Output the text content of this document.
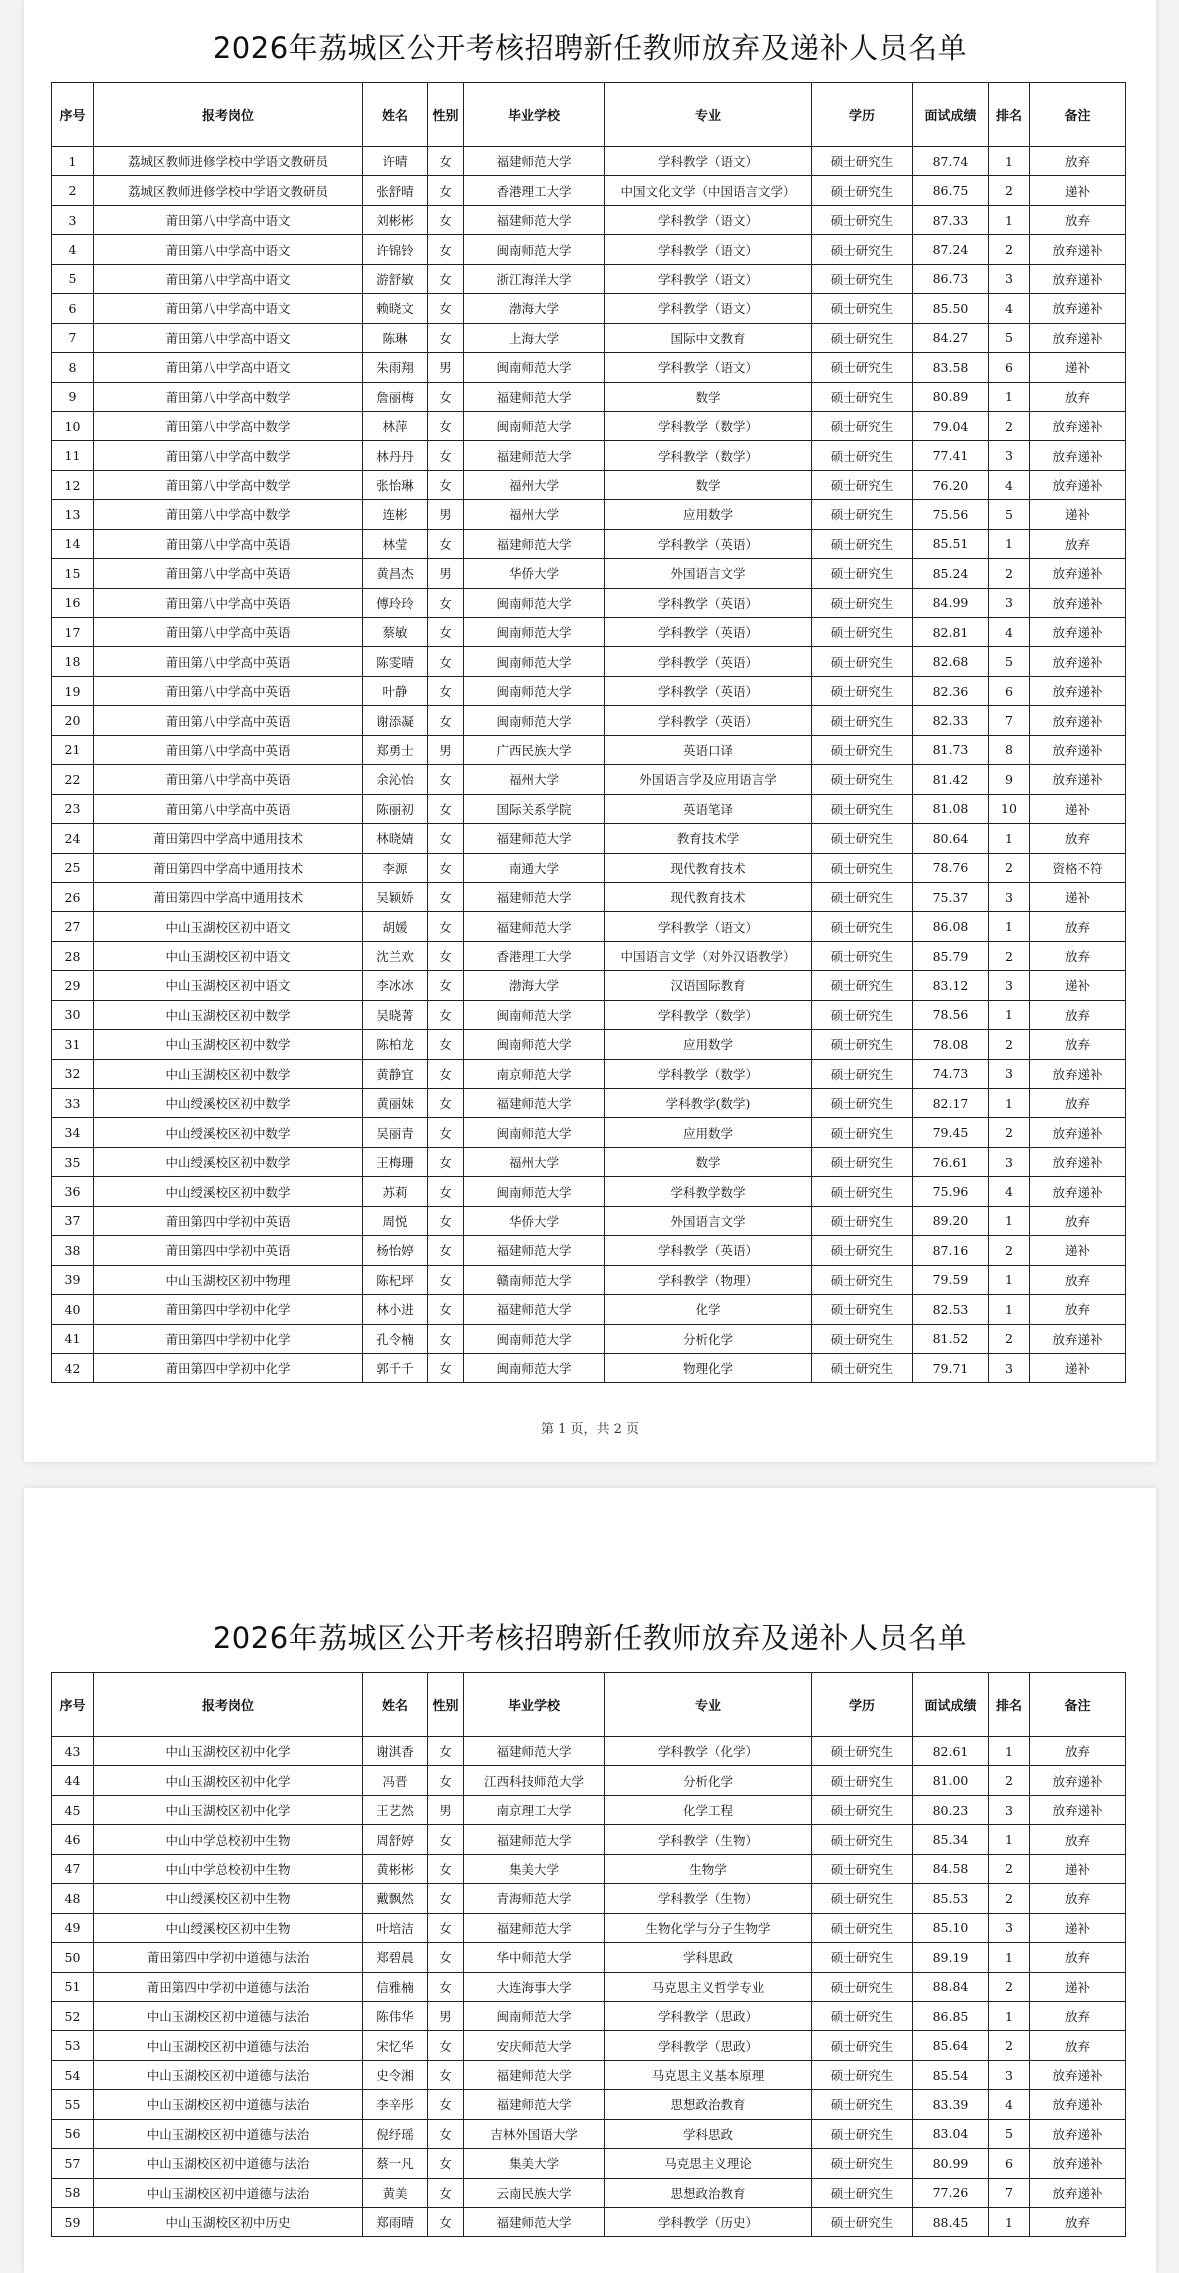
2026年荔城区公开考核招聘新任教师放弃及递补人员名单
序号	报考岗位	姓名	性别	毕业学校	专业	学历	面试成绩	排名	备注
1	荔城区教师进修学校中学语文教研员	许晴	女	福建师范大学	学科教学（语文）	硕士研究生	87.74	1	放弃
2	荔城区教师进修学校中学语文教研员	张舒晴	女	香港理工大学	中国文化文学（中国语言文学）	硕士研究生	86.75	2	递补
3	莆田第八中学高中语文	刘彬彬	女	福建师范大学	学科教学（语文）	硕士研究生	87.33	1	放弃
4	莆田第八中学高中语文	许锦铃	女	闽南师范大学	学科教学（语文）	硕士研究生	87.24	2	放弃递补
5	莆田第八中学高中语文	游舒敏	女	浙江海洋大学	学科教学（语文）	硕士研究生	86.73	3	放弃递补
6	莆田第八中学高中语文	赖晓文	女	渤海大学	学科教学（语文）	硕士研究生	85.50	4	放弃递补
7	莆田第八中学高中语文	陈琳	女	上海大学	国际中文教育	硕士研究生	84.27	5	放弃递补
8	莆田第八中学高中语文	朱雨翔	男	闽南师范大学	学科教学（语文）	硕士研究生	83.58	6	递补
9	莆田第八中学高中数学	詹丽梅	女	福建师范大学	数学	硕士研究生	80.89	1	放弃
10	莆田第八中学高中数学	林萍	女	闽南师范大学	学科教学（数学）	硕士研究生	79.04	2	放弃递补
11	莆田第八中学高中数学	林丹丹	女	福建师范大学	学科教学（数学）	硕士研究生	77.41	3	放弃递补
12	莆田第八中学高中数学	张怡琳	女	福州大学	数学	硕士研究生	76.20	4	放弃递补
13	莆田第八中学高中数学	连彬	男	福州大学	应用数学	硕士研究生	75.56	5	递补
14	莆田第八中学高中英语	林莹	女	福建师范大学	学科教学（英语）	硕士研究生	85.51	1	放弃
15	莆田第八中学高中英语	黄昌杰	男	华侨大学	外国语言文学	硕士研究生	85.24	2	放弃递补
16	莆田第八中学高中英语	傅玲玲	女	闽南师范大学	学科教学（英语）	硕士研究生	84.99	3	放弃递补
17	莆田第八中学高中英语	蔡敏	女	闽南师范大学	学科教学（英语）	硕士研究生	82.81	4	放弃递补
18	莆田第八中学高中英语	陈雯晴	女	闽南师范大学	学科教学（英语）	硕士研究生	82.68	5	放弃递补
19	莆田第八中学高中英语	叶静	女	闽南师范大学	学科教学（英语）	硕士研究生	82.36	6	放弃递补
20	莆田第八中学高中英语	谢添凝	女	闽南师范大学	学科教学（英语）	硕士研究生	82.33	7	放弃递补
21	莆田第八中学高中英语	郑勇士	男	广西民族大学	英语口译	硕士研究生	81.73	8	放弃递补
22	莆田第八中学高中英语	余沁怡	女	福州大学	外国语言学及应用语言学	硕士研究生	81.42	9	放弃递补
23	莆田第八中学高中英语	陈丽初	女	国际关系学院	英语笔译	硕士研究生	81.08	10	递补
24	莆田第四中学高中通用技术	林晓婧	女	福建师范大学	教育技术学	硕士研究生	80.64	1	放弃
25	莆田第四中学高中通用技术	李源	女	南通大学	现代教育技术	硕士研究生	78.76	2	资格不符
26	莆田第四中学高中通用技术	吴颖娇	女	福建师范大学	现代教育技术	硕士研究生	75.37	3	递补
27	中山玉湖校区初中语文	胡媛	女	福建师范大学	学科教学（语文）	硕士研究生	86.08	1	放弃
28	中山玉湖校区初中语文	沈兰欢	女	香港理工大学	中国语言文学（对外汉语教学）	硕士研究生	85.79	2	放弃
29	中山玉湖校区初中语文	李冰冰	女	渤海大学	汉语国际教育	硕士研究生	83.12	3	递补
30	中山玉湖校区初中数学	吴晓菁	女	闽南师范大学	学科教学（数学）	硕士研究生	78.56	1	放弃
31	中山玉湖校区初中数学	陈柏龙	女	闽南师范大学	应用数学	硕士研究生	78.08	2	放弃
32	中山玉湖校区初中数学	黄静宜	女	南京师范大学	学科教学（数学）	硕士研究生	74.73	3	放弃递补
33	中山绶溪校区初中数学	黄丽妹	女	福建师范大学	学科教学(数学)	硕士研究生	82.17	1	放弃
34	中山绶溪校区初中数学	吴丽青	女	闽南师范大学	应用数学	硕士研究生	79.45	2	放弃递补
35	中山绶溪校区初中数学	王梅珊	女	福州大学	数学	硕士研究生	76.61	3	放弃递补
36	中山绶溪校区初中数学	苏莉	女	闽南师范大学	学科教学数学	硕士研究生	75.96	4	放弃递补
37	莆田第四中学初中英语	周悦	女	华侨大学	外国语言文学	硕士研究生	89.20	1	放弃
38	莆田第四中学初中英语	杨怡婷	女	福建师范大学	学科教学（英语）	硕士研究生	87.16	2	递补
39	中山玉湖校区初中物理	陈杞坪	女	赣南师范大学	学科教学（物理）	硕士研究生	79.59	1	放弃
40	莆田第四中学初中化学	林小进	女	福建师范大学	化学	硕士研究生	82.53	1	放弃
41	莆田第四中学初中化学	孔令楠	女	闽南师范大学	分析化学	硕士研究生	81.52	2	放弃递补
42	莆田第四中学初中化学	郭千千	女	闽南师范大学	物理化学	硕士研究生	79.71	3	递补
第 1 页，共 2 页
2026年荔城区公开考核招聘新任教师放弃及递补人员名单
序号	报考岗位	姓名	性别	毕业学校	专业	学历	面试成绩	排名	备注
43	中山玉湖校区初中化学	谢淇香	女	福建师范大学	学科教学（化学）	硕士研究生	82.61	1	放弃
44	中山玉湖校区初中化学	冯晋	女	江西科技师范大学	分析化学	硕士研究生	81.00	2	放弃递补
45	中山玉湖校区初中化学	王艺然	男	南京理工大学	化学工程	硕士研究生	80.23	3	放弃递补
46	中山中学总校初中生物	周舒婷	女	福建师范大学	学科教学（生物）	硕士研究生	85.34	1	放弃
47	中山中学总校初中生物	黄彬彬	女	集美大学	生物学	硕士研究生	84.58	2	递补
48	中山绶溪校区初中生物	戴飘然	女	青海师范大学	学科教学（生物）	硕士研究生	85.53	2	放弃
49	中山绶溪校区初中生物	叶培洁	女	福建师范大学	生物化学与分子生物学	硕士研究生	85.10	3	递补
50	莆田第四中学初中道德与法治	郑碧晨	女	华中师范大学	学科思政	硕士研究生	89.19	1	放弃
51	莆田第四中学初中道德与法治	信雅楠	女	大连海事大学	马克思主义哲学专业	硕士研究生	88.84	2	递补
52	中山玉湖校区初中道德与法治	陈伟华	男	闽南师范大学	学科教学（思政）	硕士研究生	86.85	1	放弃
53	中山玉湖校区初中道德与法治	宋忆华	女	安庆师范大学	学科教学（思政）	硕士研究生	85.64	2	放弃
54	中山玉湖校区初中道德与法治	史令湘	女	福建师范大学	马克思主义基本原理	硕士研究生	85.54	3	放弃递补
55	中山玉湖校区初中道德与法治	李辛彤	女	福建师范大学	思想政治教育	硕士研究生	83.39	4	放弃递补
56	中山玉湖校区初中道德与法治	倪纾瑶	女	吉林外国语大学	学科思政	硕士研究生	83.04	5	放弃递补
57	中山玉湖校区初中道德与法治	蔡一凡	女	集美大学	马克思主义理论	硕士研究生	80.99	6	放弃递补
58	中山玉湖校区初中道德与法治	黄美	女	云南民族大学	思想政治教育	硕士研究生	77.26	7	放弃递补
59	中山玉湖校区初中历史	郑雨晴	女	福建师范大学	学科教学（历史）	硕士研究生	88.45	1	放弃
